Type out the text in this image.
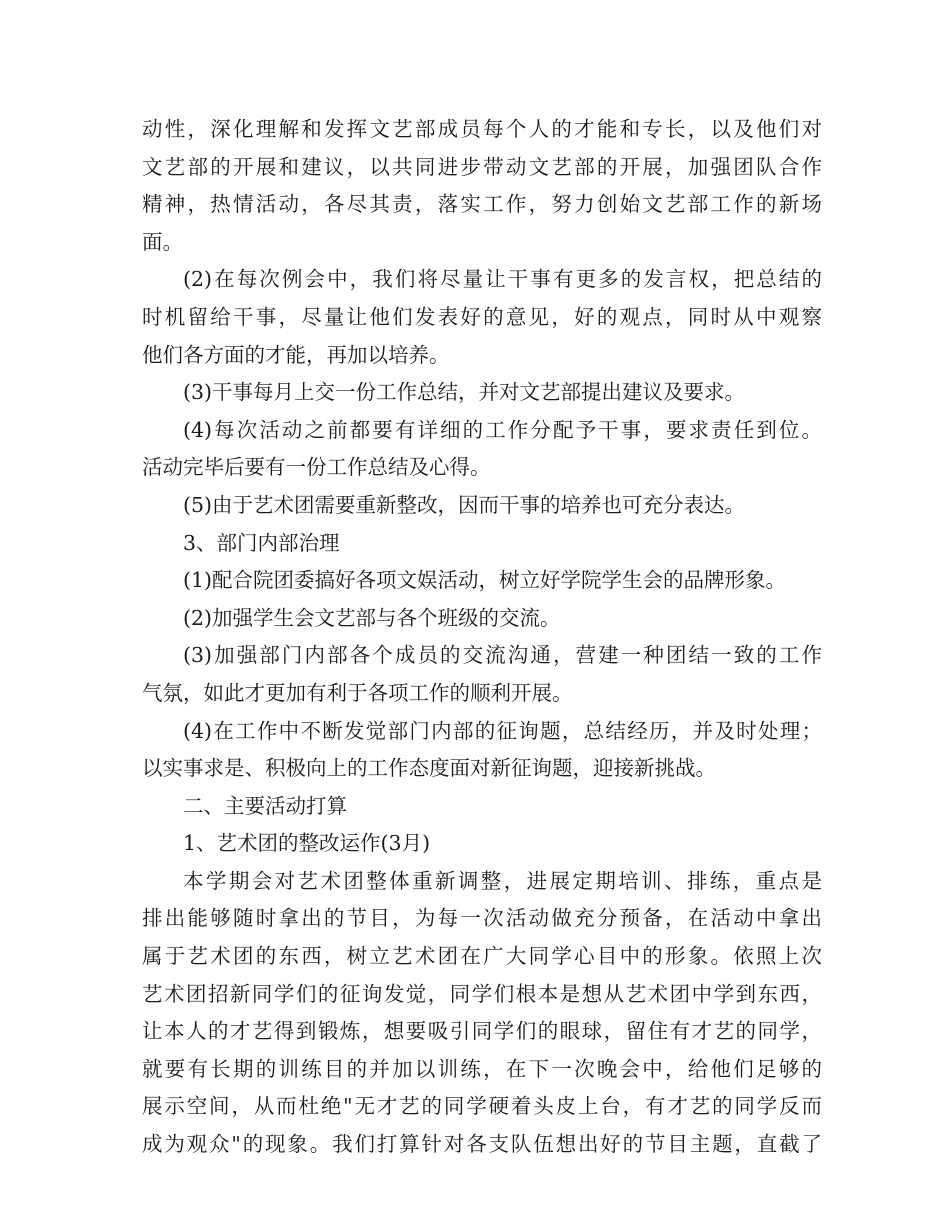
动性，深化理解和发挥文艺部成员每个人的才能和专长，以及他们对
文艺部的开展和建议，以共同进步带动文艺部的开展，加强团队合作
精神，热情活动，各尽其责，落实工作，努力创始文艺部工作的新场
面。
(2)在每次例会中，我们将尽量让干事有更多的发言权，把总结的
时机留给干事，尽量让他们发表好的意见，好的观点，同时从中观察
他们各方面的才能，再加以培养。
(3)干事每月上交一份工作总结，并对文艺部提出建议及要求。
(4)每次活动之前都要有详细的工作分配予干事，要求责任到位。
活动完毕后要有一份工作总结及心得。
(5)由于艺术团需要重新整改，因而干事的培养也可充分表达。
3、部门内部治理
(1)配合院团委搞好各项文娱活动，树立好学院学生会的品牌形象。
(2)加强学生会文艺部与各个班级的交流。
(3)加强部门内部各个成员的交流沟通，营建一种团结一致的工作
气氛，如此才更加有利于各项工作的顺利开展。
(4)在工作中不断发觉部门内部的征询题，总结经历，并及时处理；
以实事求是、积极向上的工作态度面对新征询题，迎接新挑战。
二、主要活动打算
1、艺术团的整改运作(3月)
本学期会对艺术团整体重新调整，进展定期培训、排练，重点是
排出能够随时拿出的节目，为每一次活动做充分预备，在活动中拿出
属于艺术团的东西，树立艺术团在广大同学心目中的形象。依照上次
艺术团招新同学们的征询发觉，同学们根本是想从艺术团中学到东西，
让本人的才艺得到锻炼，想要吸引同学们的眼球，留住有才艺的同学，
就要有长期的训练目的并加以训练，在下一次晚会中，给他们足够的
展示空间，从而杜绝"无才艺的同学硬着头皮上台，有才艺的同学反而
成为观众"的现象。我们打算针对各支队伍想出好的节目主题，直截了
